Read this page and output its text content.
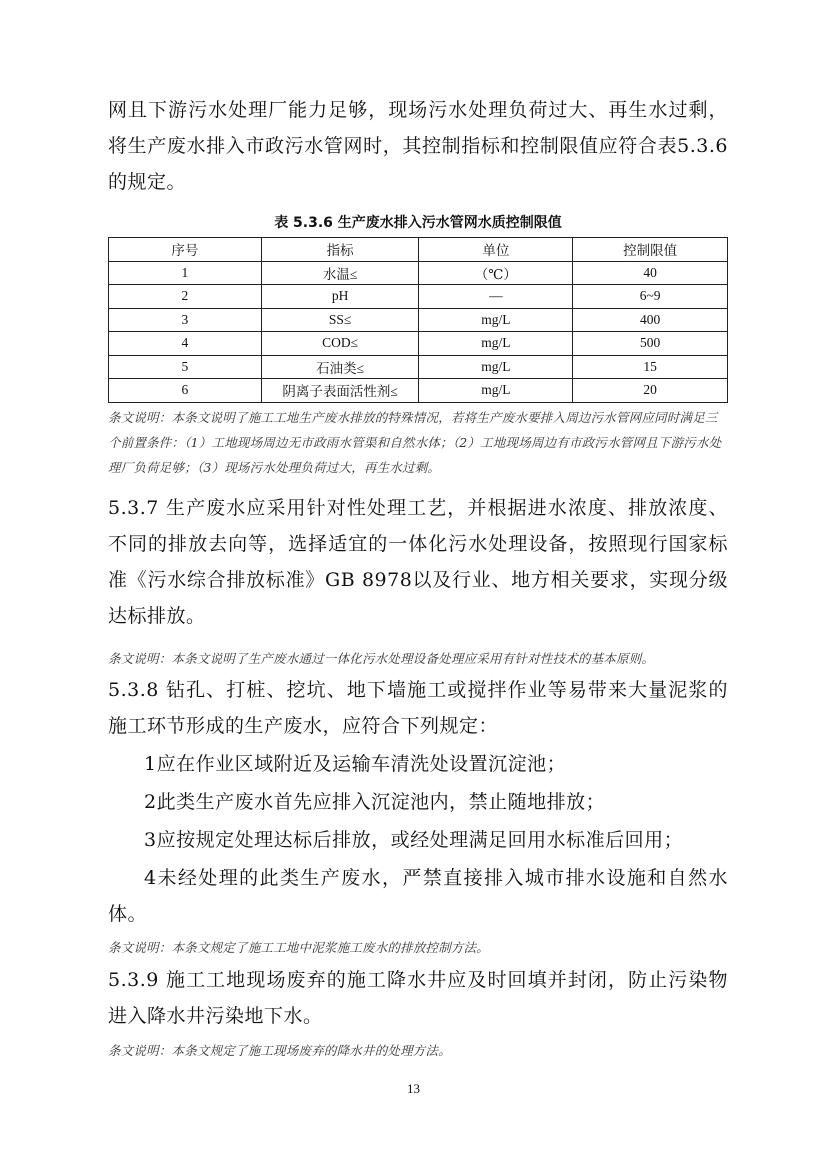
网且下游污水处理厂能力足够，现场污水处理负荷过大、再生水过剩，将生产废水排入市政污水管网时，其控制指标和控制限值应符合表5.3.6的规定。

表 5.3.6 生产废水排入污水管网水质控制限值

序号	指标	单位	控制限值
1	水温≤	（℃）	40
2	pH	—	6~9
3	SS≤	mg/L	400
4	COD≤	mg/L	500
5	石油类≤	mg/L	15
6	阴离子表面活性剂≤	mg/L	20

条文说明：本条文说明了施工工地生产废水排放的特殊情况，若将生产废水要排入周边污水管网应同时满足三个前置条件：（1）工地现场周边无市政雨水管渠和自然水体；（2）工地现场周边有市政污水管网且下游污水处理厂负荷足够；（3）现场污水处理负荷过大，再生水过剩。

5.3.7 生产废水应采用针对性处理工艺，并根据进水浓度、排放浓度、不同的排放去向等，选择适宜的一体化污水处理设备，按照现行国家标准《污水综合排放标准》GB 8978以及行业、地方相关要求，实现分级达标排放。

条文说明：本条文说明了生产废水通过一体化污水处理设备处理应采用有针对性技术的基本原则。

5.3.8 钻孔、打桩、挖坑、地下墙施工或搅拌作业等易带来大量泥浆的施工环节形成的生产废水，应符合下列规定：

1应在作业区域附近及运输车清洗处设置沉淀池；

2此类生产废水首先应排入沉淀池内，禁止随地排放；

3应按规定处理达标后排放，或经处理满足回用水标准后回用；

4未经处理的此类生产废水，严禁直接排入城市排水设施和自然水体。

条文说明：本条文规定了施工工地中泥浆施工废水的排放控制方法。

5.3.9 施工工地现场废弃的施工降水井应及时回填并封闭，防止污染物进入降水井污染地下水。

条文说明：本条文规定了施工现场废弃的降水井的处理方法。

13
